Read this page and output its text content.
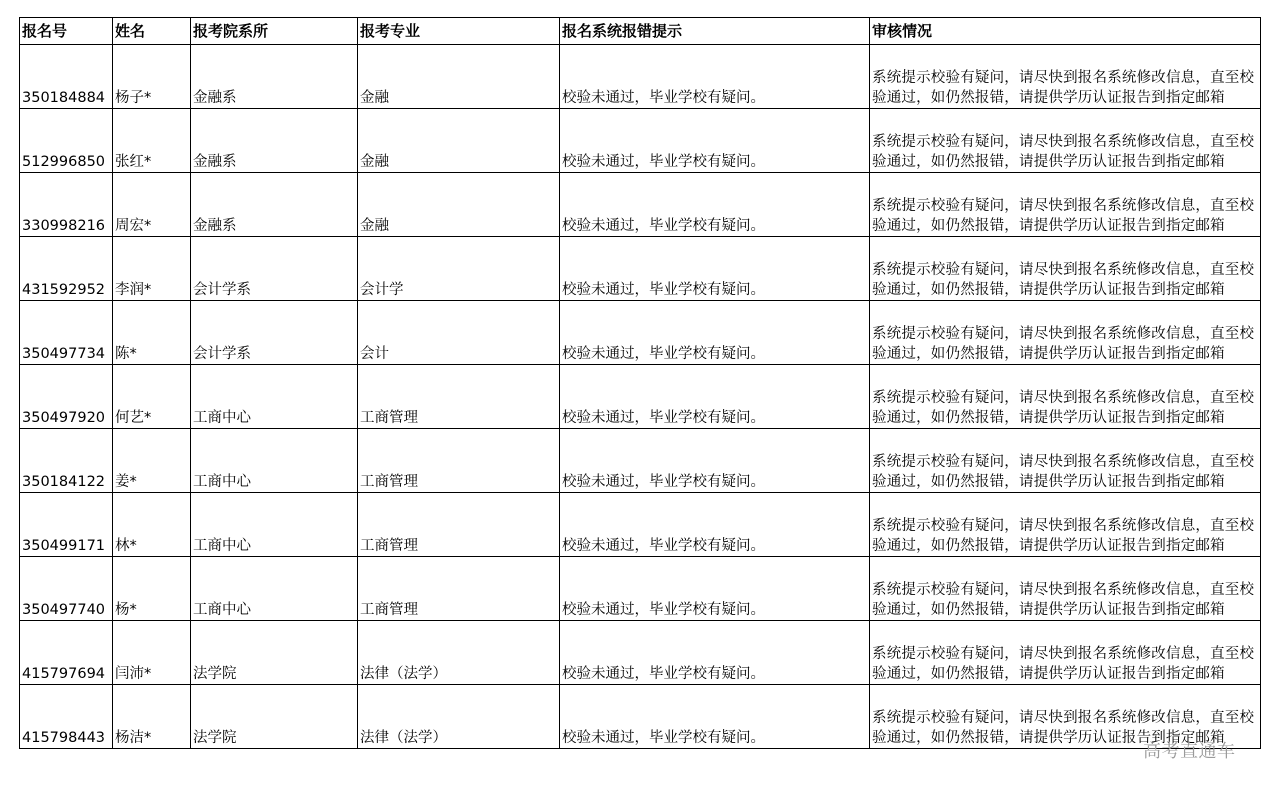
报名号	姓名	报考院系所	报考专业	报名系统报错提示	审核情况
350184884	杨子*	金融系	金融	校验未通过，毕业学校有疑问。	系统提示校验有疑问，请尽快到报名系统修改信息，直至校验通过，如仍然报错，请提供学历认证报告到指定邮箱
512996850	张红*	金融系	金融	校验未通过，毕业学校有疑问。	系统提示校验有疑问，请尽快到报名系统修改信息，直至校验通过，如仍然报错，请提供学历认证报告到指定邮箱
330998216	周宏*	金融系	金融	校验未通过，毕业学校有疑问。	系统提示校验有疑问，请尽快到报名系统修改信息，直至校验通过，如仍然报错，请提供学历认证报告到指定邮箱
431592952	李润*	会计学系	会计学	校验未通过，毕业学校有疑问。	系统提示校验有疑问，请尽快到报名系统修改信息，直至校验通过，如仍然报错，请提供学历认证报告到指定邮箱
350497734	陈*	会计学系	会计	校验未通过，毕业学校有疑问。	系统提示校验有疑问，请尽快到报名系统修改信息，直至校验通过，如仍然报错，请提供学历认证报告到指定邮箱
350497920	何艺*	工商中心	工商管理	校验未通过，毕业学校有疑问。	系统提示校验有疑问，请尽快到报名系统修改信息，直至校验通过，如仍然报错，请提供学历认证报告到指定邮箱
350184122	姜*	工商中心	工商管理	校验未通过，毕业学校有疑问。	系统提示校验有疑问，请尽快到报名系统修改信息，直至校验通过，如仍然报错，请提供学历认证报告到指定邮箱
350499171	林*	工商中心	工商管理	校验未通过，毕业学校有疑问。	系统提示校验有疑问，请尽快到报名系统修改信息，直至校验通过，如仍然报错，请提供学历认证报告到指定邮箱
350497740	杨*	工商中心	工商管理	校验未通过，毕业学校有疑问。	系统提示校验有疑问，请尽快到报名系统修改信息，直至校验通过，如仍然报错，请提供学历认证报告到指定邮箱
415797694	闫沛*	法学院	法律（法学）	校验未通过，毕业学校有疑问。	系统提示校验有疑问，请尽快到报名系统修改信息，直至校验通过，如仍然报错，请提供学历认证报告到指定邮箱
415798443	杨洁*	法学院	法律（法学）	校验未通过，毕业学校有疑问。	系统提示校验有疑问，请尽快到报名系统修改信息，直至校验通过，如仍然报错，请提供学历认证报告到指定邮箱
高考直通车
